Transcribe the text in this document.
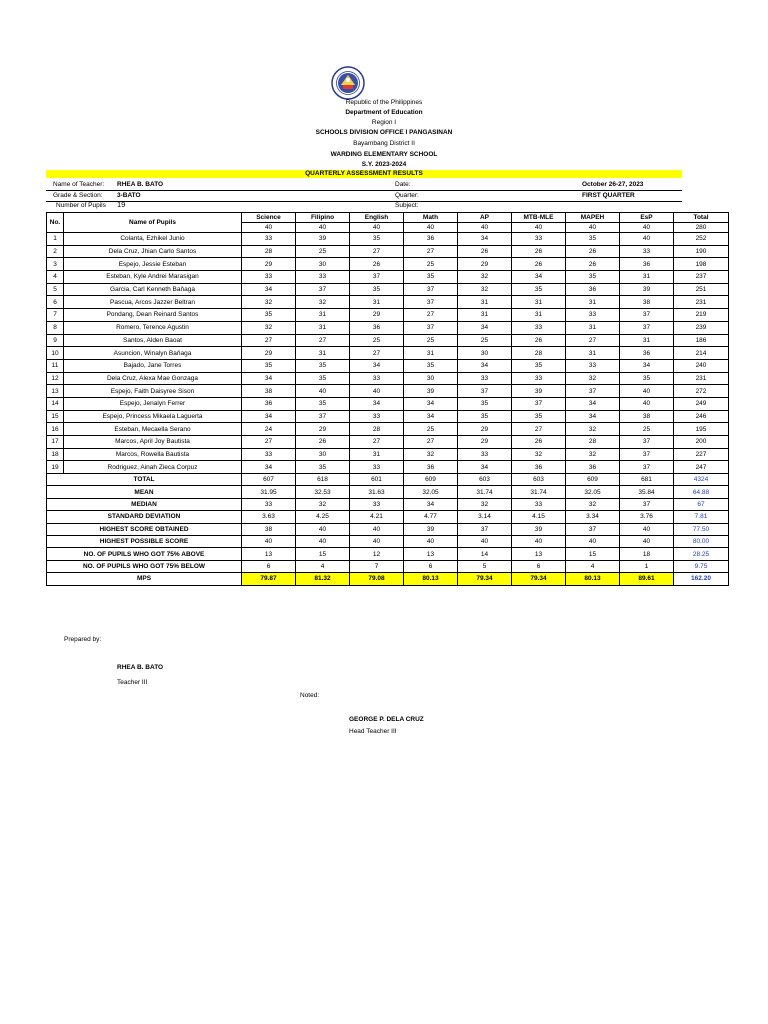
Republic of the Philippines
Department of Education
Region I
SCHOOLS DIVISION OFFICE I PANGASINAN
Bayambang District II
WARDING ELEMENTARY SCHOOL
S.Y. 2023-2024
QUARTERLY ASSESSMENT RESULTS
Name of Teacher: RHEA B. BATO	Date:	October 26-27, 2023
Grade & Section: 3-BATO	Quarter:	FIRST QUARTER
Number of Pupils 19	Subject:
No.	Name of Pupils	Science	Filipino	English	Math	AP	MTB-MLE	MAPEH	EsP	Total
		40	40	40	40	40	40	40	40	280
1	Colanta, Ezhikel Junio	33	39	35	36	34	33	35	40	252
2	Dela Cruz, Jhian Carlo Santos	28	25	27	27	26	26	26	33	190
3	Espejo, Jessie Esteban	29	30	26	25	29	26	26	36	198
4	Esteban, Kyle Andrei Marasigan	33	33	37	35	32	34	35	31	237
5	Garcia, Carl Kenneth Baňaga	34	37	35	37	32	35	36	39	251
6	Pascua, Arcos Jazzer Beltran	32	32	31	37	31	31	31	38	231
7	Pondang, Dean Reinard Santos	35	31	29	27	31	31	33	37	219
8	Romero, Terence Agustin	32	31	36	37	34	33	31	37	239
9	Santos, Alden Baoat	27	27	25	25	25	26	27	31	186
10	Asuncion, Winalyn Baňaga	29	31	27	31	30	28	31	36	214
11	Bajado, Jane Torres	35	35	34	35	34	35	33	34	240
12	Dela Cruz, Alexa Mae Gonzaga	34	35	33	30	33	33	32	35	231
13	Espejo, Faith Daisyree Sison	38	40	40	39	37	39	37	40	272
14	Espejo, Jenalyn Ferrer	36	35	34	34	35	37	34	40	249
15	Espejo, Princess Mikaela Laguerta	34	37	33	34	35	35	34	38	246
16	Esteban, Mecaella Serano	24	29	28	25	29	27	32	25	195
17	Marcos, April Joy Bautista	27	26	27	27	29	26	28	37	200
18	Marcos, Rowella Bautista	33	30	31	32	33	32	32	37	227
19	Rodriguez, Ainah Zieca Corpuz	34	35	33	36	34	36	36	37	247
TOTAL		607	618	601	609	603	603	609	681	4324
MEAN		31.95	32.53	31.63	32.05	31.74	31.74	32.05	35.84	64.88
MEDIAN		33	32	33	34	32	33	32	37	67
STANDARD DEVIATION		3.63	4.25	4.21	4.77	3.14	4.15	3.34	3.76	7.81
HIGHEST SCORE OBTAINED		38	40	40	39	37	39	37	40	77.50
HIGHEST POSSIBLE SCORE		40	40	40	40	40	40	40	40	80.00
NO. OF PUPILS WHO GOT 75% ABOVE		13	15	12	13	14	13	15	18	28.25
NO. OF PUPILS WHO GOT 75% BELOW		6	4	7	6	5	6	4	1	9.75
MPS		79.87	81.32	79.08	80.13	79.34	79.34	80.13	89.61	162.20
Prepared by:
RHEA B. BATO
Teacher III
Noted:
GEORGE P. DELA CRUZ
Head Teacher III
